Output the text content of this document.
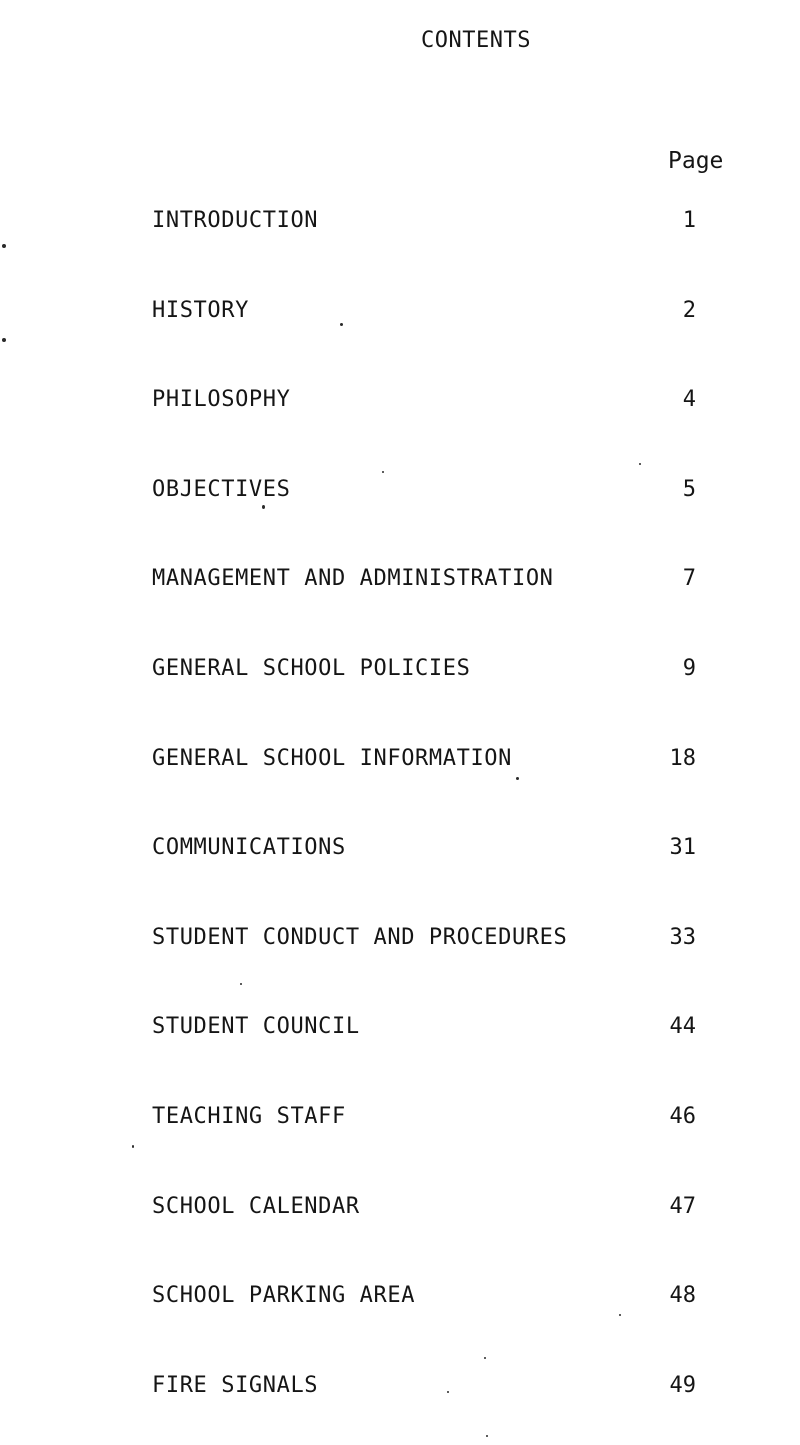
CONTENTS
Page
INTRODUCTION	1
HISTORY	2
PHILOSOPHY	4
OBJECTIVES	5
MANAGEMENT AND ADMINISTRATION	7
GENERAL SCHOOL POLICIES	9
GENERAL SCHOOL INFORMATION	18
COMMUNICATIONS	31
STUDENT CONDUCT AND PROCEDURES	33
STUDENT COUNCIL	44
TEACHING STAFF	46
SCHOOL CALENDAR	47
SCHOOL PARKING AREA	48
FIRE SIGNALS	49
